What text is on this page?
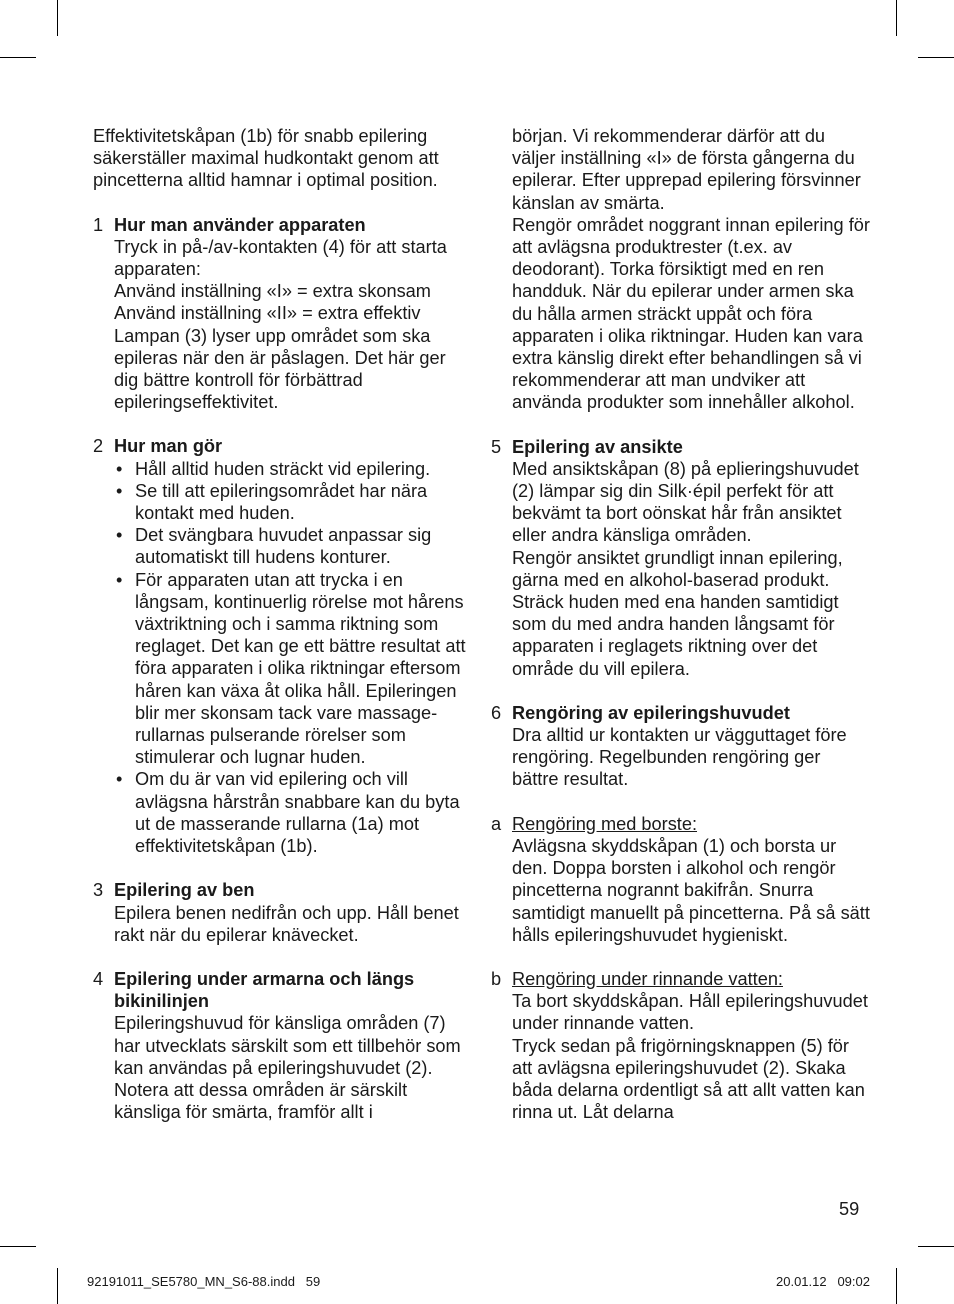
Effektivitetskåpan (1b) för snabb epilering säkerställer maximal hudkontakt genom att pincetterna alltid hamnar i optimal position.

1 Hur man använder apparaten
Tryck in på-/av-kontakten (4) för att starta apparaten:
Använd inställning «I» = extra skonsam
Använd inställning «II» = extra effektiv
Lampan (3) lyser upp området som ska epileras när den är påslagen. Det här ger dig bättre kontroll för förbättrad epileringseffektivitet.
2 Hur man gör
• Håll alltid huden sträckt vid epilering.
• Se till att epileringsområdet har nära kontakt med huden.
• Det svängbara huvudet anpassar sig automatiskt till hudens konturer.
• För apparaten utan att trycka i en långsam, kontinuerlig rörelse mot hårens växtriktning och i samma riktning som reglaget. Det kan ge ett bättre resultat att föra apparaten i olika riktningar eftersom håren kan växa åt olika håll. Epileringen blir mer skonsam tack vare massagerullarnas pulserande rörelser som stimulerar och lugnar huden.
• Om du är van vid epilering och vill avlägsna hårstrån snabbare kan du byta ut de masserande rullarna (1a) mot effektivitetskåpan (1b).
3 Epilering av ben
Epilera benen nedifrån och upp. Håll benet rakt när du epilerar knävecket.
4 Epilering under armarna och längs bikinilinjen
Epileringshuvud för känsliga områden (7) har utvecklats särskilt som ett tillbehör som kan användas på epileringshuvudet (2).
Notera att dessa områden är särskilt känsliga för smärta, framför allt i
början. Vi rekommenderar därför att du väljer inställning «I» de första gångerna du epilerar. Efter upprepad epilering försvinner känslan av smärta.
Rengör området noggrant innan epilering för att avlägsna produktrester (t.ex. av deodorant). Torka försiktigt med en ren handduk. När du epilerar under armen ska du hålla armen sträckt uppåt och föra apparaten i olika riktningar. Huden kan vara extra känslig direkt efter behandlingen så vi rekommenderar att man undviker att använda produkter som innehåller alkohol.
5 Epilering av ansikte
Med ansiktskåpan (8) på eplieringshuvudet (2) lämpar sig din Silk·épil perfekt för att bekvämt ta bort oönskat hår från ansiktet eller andra känsliga områden.
Rengör ansiktet grundligt innan epilering, gärna med en alkohol-baserad produkt. Sträck huden med ena handen samtidigt som du med andra handen långsamt för apparaten i reglagets riktning over det område du vill epilera.
6 Rengöring av epileringshuvudet
Dra alltid ur kontakten ur vägguttaget före rengöring. Regelbunden rengöring ger bättre resultat.
a Rengöring med borste:
Avlägsna skyddskåpan (1) och borsta ur den. Doppa borsten i alkohol och rengör pincetterna nogrannt bakifrån. Snurra samtidigt manuellt på pincetterna. På så sätt hålls epileringshuvudet hygieniskt.
b Rengöring under rinnande vatten:
Ta bort skyddskåpan. Håll epileringshuvudet under rinnande vatten.
Tryck sedan på frigörningsknappen (5) för att avlägsna epileringshuvudet (2). Skaka båda delarna ordentligt så att allt vatten kan rinna ut. Låt delarna
59
92191011_SE5780_MN_S6-88.indd   59	20.01.12   09:02
